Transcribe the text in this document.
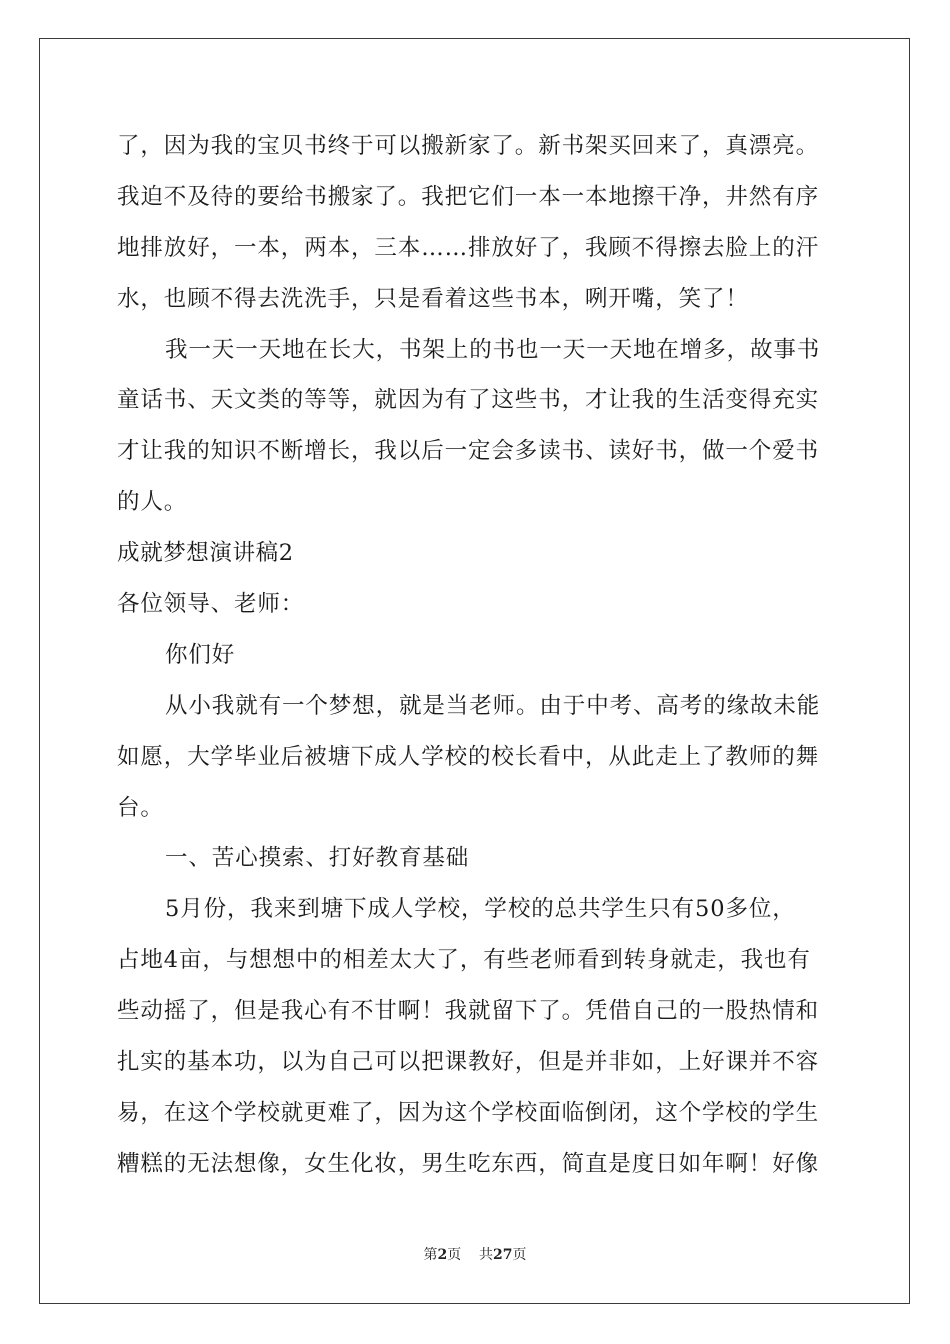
了，因为我的宝贝书终于可以搬新家了。新书架买回来了，真漂亮。
我迫不及待的要给书搬家了。我把它们一本一本地擦干净，井然有序
地排放好，一本，两本，三本……排放好了，我顾不得擦去脸上的汗
水，也顾不得去洗洗手，只是看着这些书本，咧开嘴，笑了！
我一天一天地在长大，书架上的书也一天一天地在增多，故事书
童话书、天文类的等等，就因为有了这些书，才让我的生活变得充实
才让我的知识不断增长，我以后一定会多读书、读好书，做一个爱书
的人。
成就梦想演讲稿2
各位领导、老师：
你们好
从小我就有一个梦想，就是当老师。由于中考、高考的缘故未能
如愿，大学毕业后被塘下成人学校的校长看中，从此走上了教师的舞
台。
一、苦心摸索、打好教育基础
5月份，我来到塘下成人学校，学校的总共学生只有50多位，
占地4亩，与想想中的相差太大了，有些老师看到转身就走，我也有
些动摇了，但是我心有不甘啊！我就留下了。凭借自己的一股热情和
扎实的基本功，以为自己可以把课教好，但是并非如，上好课并不容
易，在这个学校就更难了，因为这个学校面临倒闭，这个学校的学生
糟糕的无法想像，女生化妆，男生吃东西，简直是度日如年啊！好像
第2页 共27页
